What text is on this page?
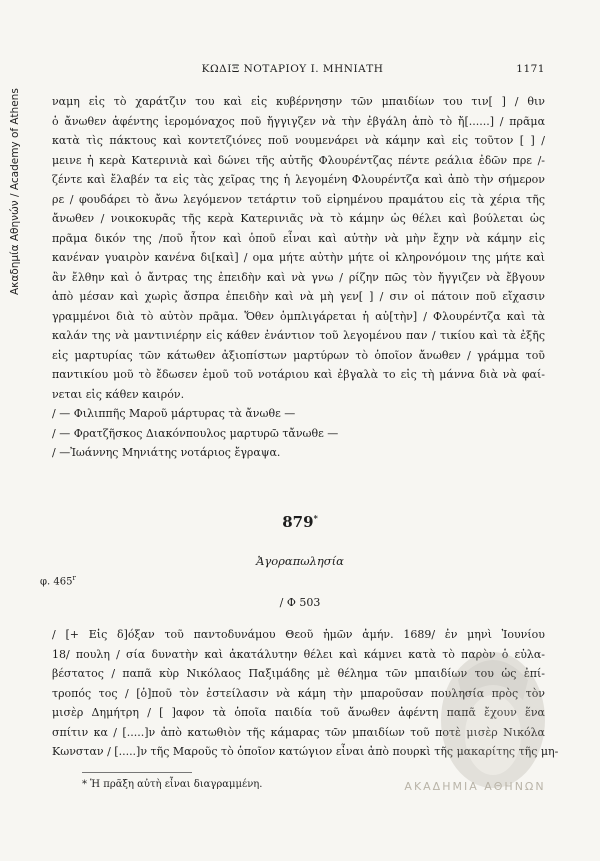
Ακαδημία Αθηνών / Academy of Athens
ΚΩΔΙΞ ΝΟΤΑΡΙΟΥ Ι. ΜΗΝΙΑΤΗ	1171
ναμη εἰς τὸ χαράτζιν του καὶ εἰς κυβέρνησην τῶν μπαιδίων του τιν[ ] / θιν
ὁ ἄνωθεν ἀφέντης ἱερομόναχος ποῦ ἤγγιγζεν νὰ τὴν ἐβγάλη ἀπὸ τὸ ἤ[......] / πρᾶμα
κατὰ τὶς πάκτους καὶ κοντετζιόνες ποῦ νουμενάρει νὰ κάμην καὶ εἰς τοῦτον [ ] /
μεινε ἡ κερὰ Κατερινιὰ καὶ δώνει τῆς αὐτῆς Φλουρέντζας πέντε ρεάλια ἐδῶν πρε /-
ζέντε καὶ ἔλαβέν τα εἰς τὰς χεῖρας της ἡ λεγομένη Φλουρέντζα καὶ ἀπὸ τὴν σήμερον
ρε / φουδάρει τὸ ἄνω λεγόμενον τετάρτιν τοῦ εἰρημένου πραμάτου εἰς τὰ χέρια τῆς
ἄνωθεν / νοικοκυρᾶς τῆς κερὰ Κατερινιᾶς νὰ τὸ κάμην ὡς θέλει καὶ βούλεται ὡς
πρᾶμα δικόν της /ποῦ ἦτον καὶ ὁποῦ εἶναι καὶ αὐτὴν νὰ μὴν ἔχην νὰ κάμην εἰς
κανέναν γυαιρὸν κανένα δι[καὶ] / ομα μήτε αὐτὴν μήτε οἱ κληρονόμοιν της μήτε καὶ
ἂν ἔλθην καὶ ὁ ἄντρας της ἐπειδὴν καὶ νὰ γνω / ρίζην πῶς τὸν ἤγγιζεν νὰ ἔβγουν
ἀπὸ μέσαν καὶ χωρὶς ἄσπρα ἐπειδὴν καὶ νὰ μὴ γεν[ ] / σιν οἱ πάτοιν ποῦ εἴχασιν
γραμμένοι διὰ τὸ αὐτὸν πρᾶμα. Ὅθεν ὁμπλιγάρεται ἡ αὐ[τὴν] / Φλουρέντζα καὶ τὰ
καλάν της νὰ μαντινιέρην εἰς κάθεν ἐνάντιον τοῦ λεγομένου παν / τικίου καὶ τὰ ἐξῆς
εἰς μαρτυρίας τῶν κάτωθεν ἀξιοπίστων μαρτύρων τὸ ὁποῖον ἄνωθεν / γράμμα τοῦ
παντικίου μοῦ τὸ ἔδωσεν ἐμοῦ τοῦ νοτάριου καὶ ἐβγαλὰ το εἰς τὴ μάννα διὰ νὰ φαί-
νεται εἰς κάθεν καιρόν.
/ — Φιλιππῆς Μαροῦ μάρτυρας τὰ ἄνωθε —
/ — Φρατζῆσκος Διακόνπουλος μαρτυρῶ τἄνωθε —
/ —Ἰωάννης Μηνιάτης νοτάριος ἔγραψα.
879*
Ἀγοραπωλησία
φ. 465$^r$
/ Φ 503
/ [+ Εἰς δ]όξαν τοῦ παντοδυνάμου Θεοῦ ἡμῶν ἀμήν. 1689/ ἐν μηνὶ Ἰουνίου
18/ πουλη / σία δυνατὴν καὶ ἀκατάλυτην θέλει καὶ κάμνει κατὰ τὸ παρὸν ὁ εὐλα-
βέστατος / παπᾶ κὺρ Νικόλαος Παξιμάδης μὲ θέλημα τῶν μπαιδίων του ὡς ἐπί-
τροπός τος / [ὁ]ποῦ τὸν ἐστείλασιν νὰ κάμη τὴν μπαροῦσαν πουλησία πρὸς τὸν
μισὲρ Δημήτρη / [ ]αφον τὰ ὁποῖα παιδία τοῦ ἄνωθεν ἀφέντη παπᾶ ἔχουν ἕνα
σπίτιν κα / [.....]ν ἀπὸ κατωθιὸν τῆς κάμαρας τῶν μπαιδίων τοῦ ποτὲ μισὲρ Νικόλα
Κωνσταν / [.....]ν τῆς Μαροῦς τὸ ὁποῖον κατώγιον εἶναι ἀπὸ πουρκὶ τῆς μακαρίτης τῆς μη-
ΑΚΑΔΗΜΙΑ ΑΘΗΝΩΝ
* Ἡ πρᾶξη αὐτὴ εἶναι διαγραμμένη.
